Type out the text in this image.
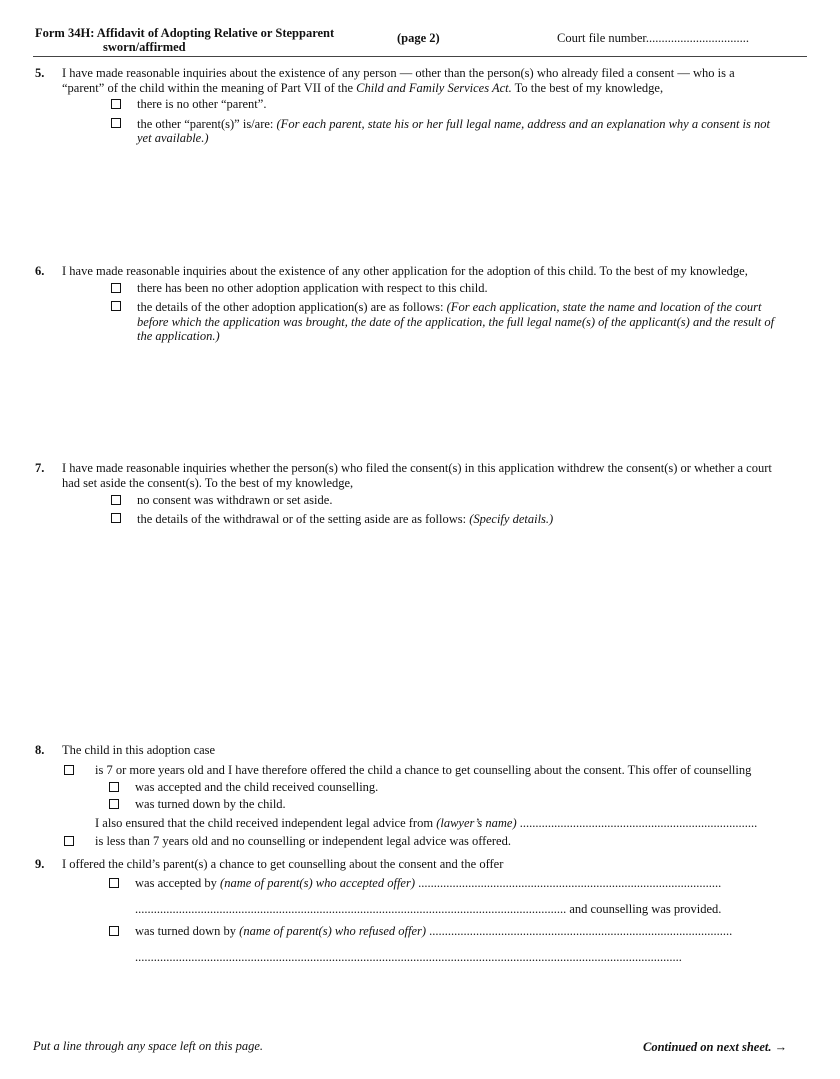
Form 34H: Affidavit of Adopting Relative or Stepparent
sworn/affirmed
(page 2)	Court file number.................................
5. I have made reasonable inquiries about the existence of any person — other than the person(s) who already filed a consent — who is a
“parent” of the child within the meaning of Part VII of the Child and Family Services Act. To the best of my knowledge,
there is no other “parent”.
the other “parent(s)” is/are: (For each parent, state his or her full legal name, address and an explanation why a consent is not
yet available.)
6. I have made reasonable inquiries about the existence of any other application for the adoption of this child. To the best of my knowledge,
there has been no other adoption application with respect to this child.
the details of the other adoption application(s) are as follows: (For each application, state the name and location of the court
before which the application was brought, the date of the application, the full legal name(s) of the applicant(s) and the result of
the application.)
7. I have made reasonable inquiries whether the person(s) who filed the consent(s) in this application withdrew the consent(s) or whether a court
had set aside the consent(s). To the best of my knowledge,
no consent was withdrawn or set aside.
the details of the withdrawal or of the setting aside are as follows: (Specify details.)
8. The child in this adoption case
is 7 or more years old and I have therefore offered the child a chance to get counselling about the consent. This offer of counselling
was accepted and the child received counselling.
was turned down by the child.
I also ensured that the child received independent legal advice from (lawyer’s name) ............................................................................
is less than 7 years old and no counselling or independent legal advice was offered.
9. I offered the child’s parent(s) a chance to get counselling about the consent and the offer
was accepted by (name of parent(s) who accepted offer) .................................................................................................
.......................................................................................................................................... and counselling was provided.
was turned down by (name of parent(s) who refused offer) .................................................................................................
...............................................................................................................................................................................
Put a line through any space left on this page.	Continued on next sheet. →
